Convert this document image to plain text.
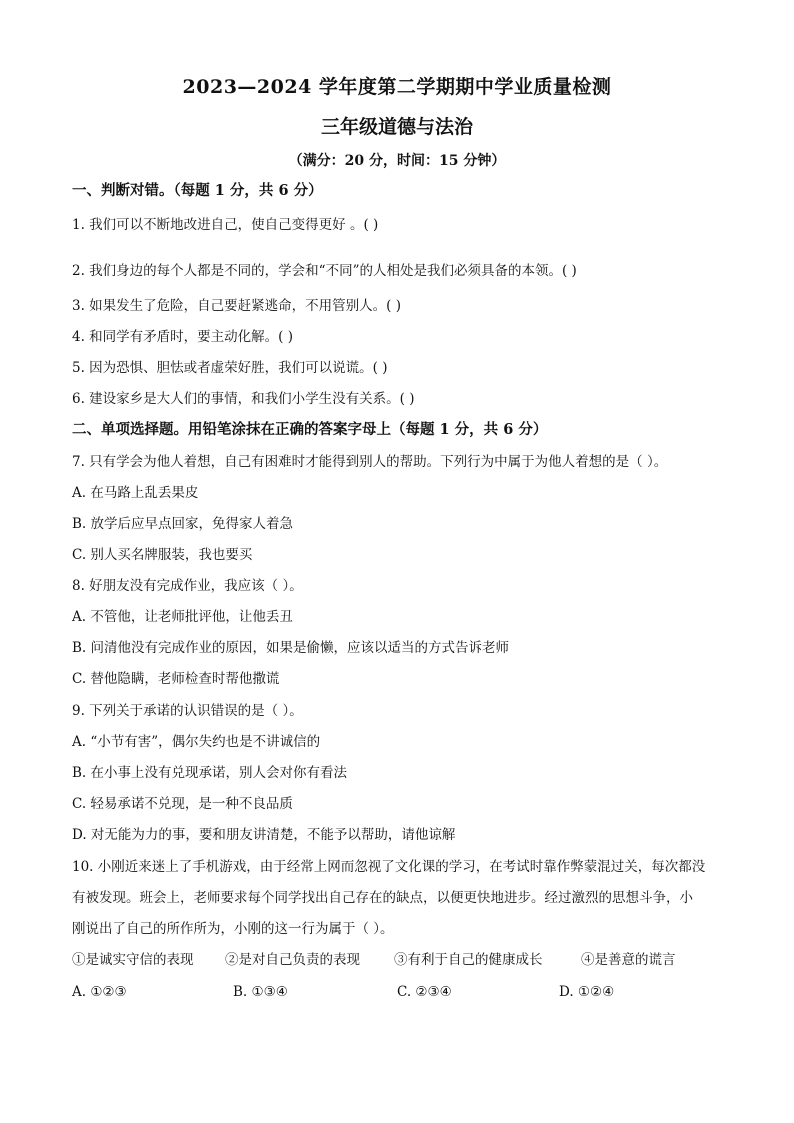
2023—2024 学年度第二学期期中学业质量检测
三年级道德与法治
（满分：20 分，时间：15 分钟）
一、判断对错。（每题 1 分，共 6 分）
1. 我们可以不断地改进自己，使自己变得更好 。( )
2. 我们身边的每个人都是不同的，学会和“不同”的人相处是我们必须具备的本领。( )
3. 如果发生了危险，自己要赶紧逃命，不用管别人。( )
4. 和同学有矛盾时，要主动化解。( )
5. 因为恐惧、胆怯或者虚荣好胜，我们可以说谎。( )
6. 建设家乡是大人们的事情，和我们小学生没有关系。( )
二、单项选择题。用铅笔涂抹在正确的答案字母上（每题 1 分，共 6 分）
7. 只有学会为他人着想，自己有困难时才能得到别人的帮助。下列行为中属于为他人着想的是（ ）。
A. 在马路上乱丢果皮
B. 放学后应早点回家，免得家人着急
C. 别人买名牌服装，我也要买
8. 好朋友没有完成作业，我应该（ ）。
A. 不管他，让老师批评他，让他丢丑
B. 问清他没有完成作业的原因，如果是偷懒，应该以适当的方式告诉老师
C. 替他隐瞒，老师检查时帮他撒谎
9. 下列关于承诺的认识错误的是（ ）。
A. “小节有害”，偶尔失约也是不讲诚信的
B. 在小事上没有兑现承诺，别人会对你有看法
C. 轻易承诺不兑现，是一种不良品质
D. 对无能为力的事，要和朋友讲清楚，不能予以帮助，请他谅解
10. 小刚近来迷上了手机游戏，由于经常上网而忽视了文化课的学习，在考试时靠作弊蒙混过关，每次都没
有被发现。班会上，老师要求每个同学找出自己存在的缺点，以便更快地进步。经过激烈的思想斗争，小
刚说出了自己的所作所为，小刚的这一行为属于（ ）。
①是诚实守信的表现 ②是对自己负责的表现	③有利于自己的健康成长	④是善意的谎言
A. ①②③	B. ①③④	C. ②③④	D. ①②④
